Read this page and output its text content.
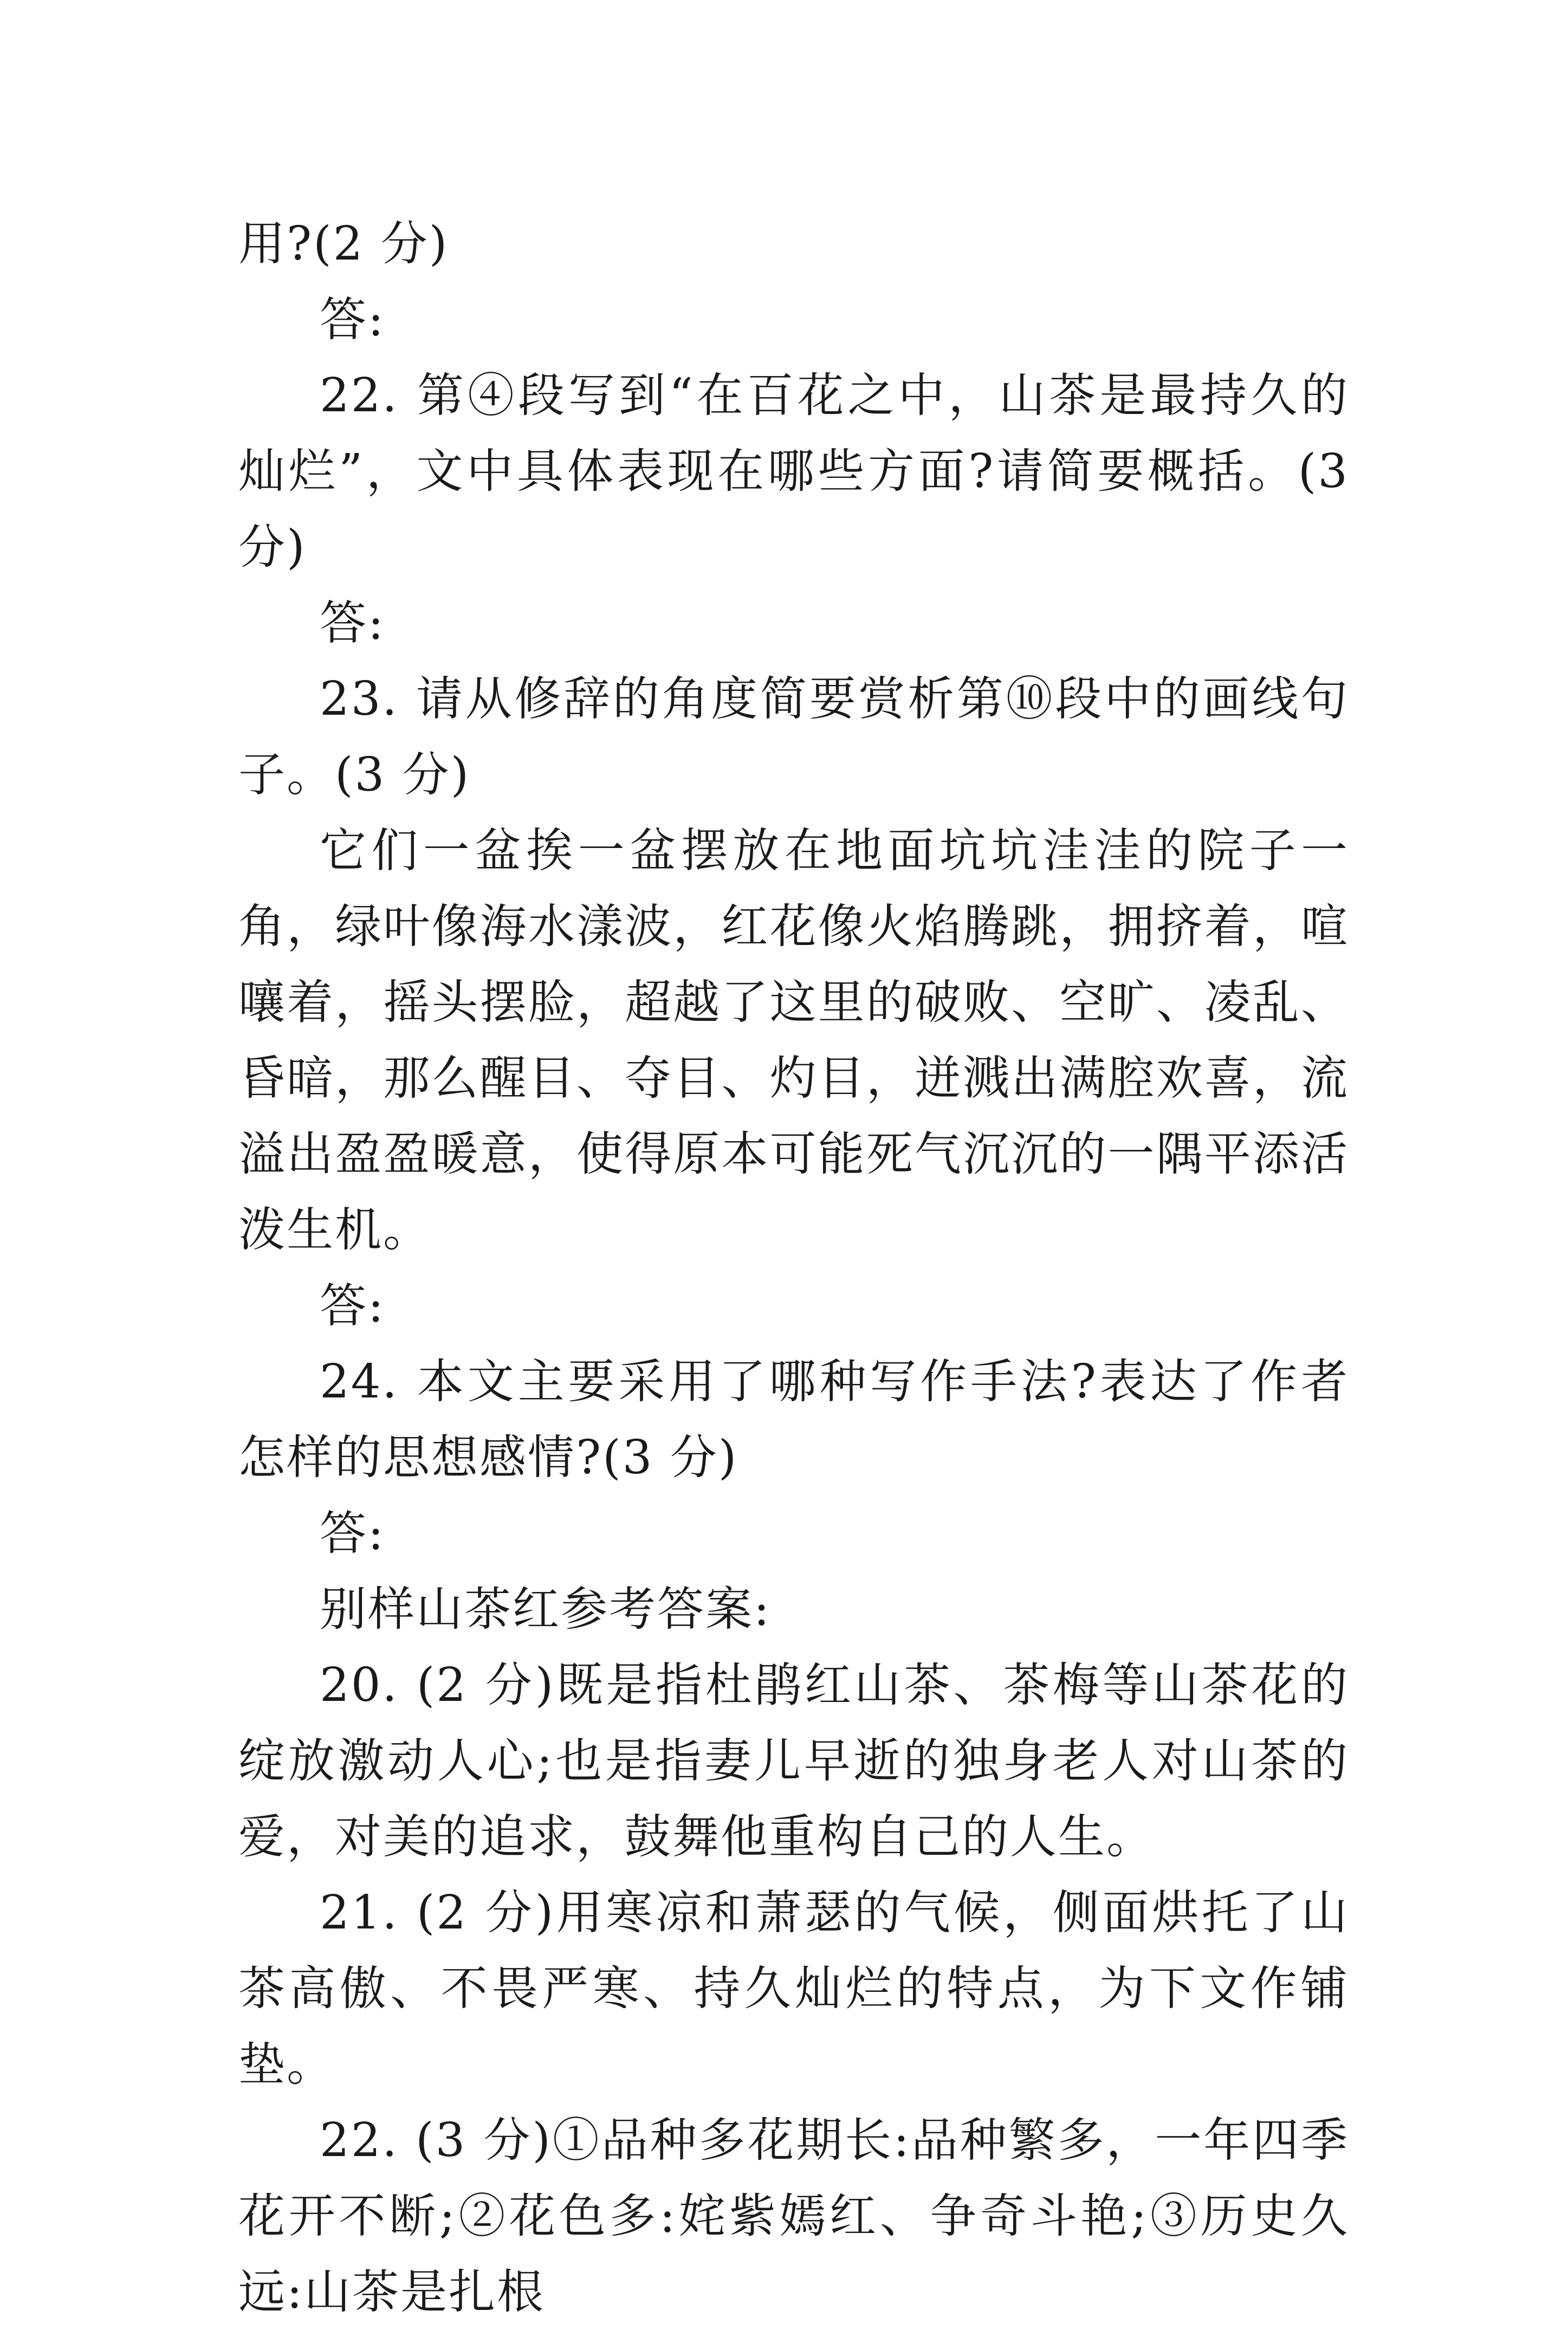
用?(2 分)

答:

22. 第④段写到“在百花之中，山茶是最持久的灿烂”，文中具体表现在哪些方面?请简要概括。(3 分)

答:

23. 请从修辞的角度简要赏析第⑩段中的画线句子。(3 分)

它们一盆挨一盆摆放在地面坑坑洼洼的院子一角，绿叶像海水漾波，红花像火焰腾跳，拥挤着，喧嚷着，摇头摆脸，超越了这里的破败、空旷、凌乱、昏暗，那么醒目、夺目、灼目，迸溅出满腔欢喜，流溢出盈盈暖意，使得原本可能死气沉沉的一隅平添活泼生机。

答:

24. 本文主要采用了哪种写作手法?表达了作者怎样的思想感情?(3 分)

答:

别样山茶红参考答案:

20. (2 分)既是指杜鹃红山茶、茶梅等山茶花的绽放激动人心;也是指妻儿早逝的独身老人对山茶的爱，对美的追求，鼓舞他重构自己的人生。

21. (2 分)用寒凉和萧瑟的气候，侧面烘托了山茶高傲、不畏严寒、持久灿烂的特点，为下文作铺垫。

22. (3 分)①品种多花期长:品种繁多，一年四季花开不断;②花色多:姹紫嫣红、争奇斗艳;③历史久远:山茶是扎根
